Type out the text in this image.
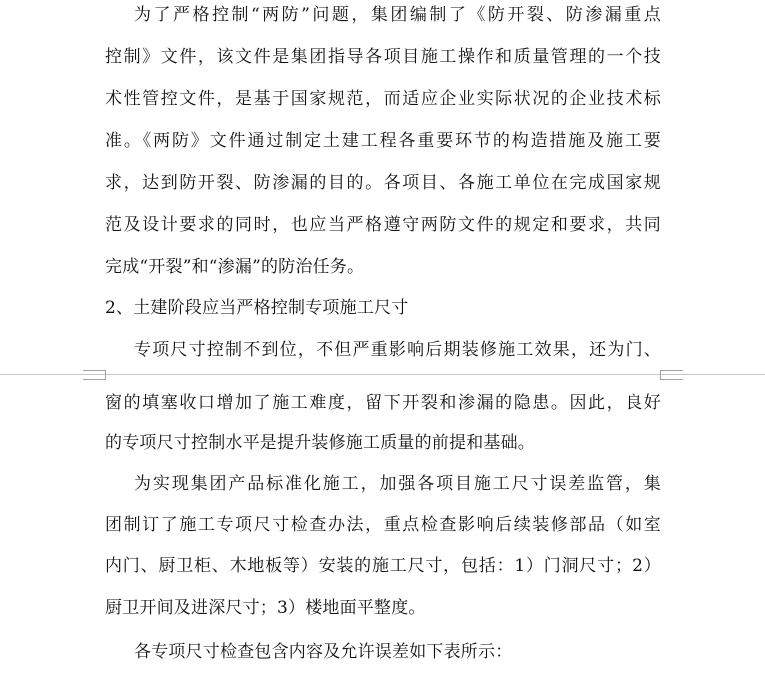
为了严格控制“两防”问题，集团编制了《防开裂、防渗漏重点
控制》文件，该文件是集团指导各项目施工操作和质量管理的一个技
术性管控文件，是基于国家规范，而适应企业实际状况的企业技术标
准。《两防》文件通过制定土建工程各重要环节的构造措施及施工要
求，达到防开裂、防渗漏的目的。各项目、各施工单位在完成国家规
范及设计要求的同时，也应当严格遵守两防文件的规定和要求，共同
完成“开裂”和“渗漏”的防治任务。
2、土建阶段应当严格控制专项施工尺寸
专项尺寸控制不到位，不但严重影响后期装修施工效果，还为门、
窗的填塞收口增加了施工难度，留下开裂和渗漏的隐患。因此，良好
的专项尺寸控制水平是提升装修施工质量的前提和基础。
为实现集团产品标准化施工，加强各项目施工尺寸误差监管，集
团制订了施工专项尺寸检查办法，重点检查影响后续装修部品（如室
内门、厨卫柜、木地板等）安装的施工尺寸，包括：1）门洞尺寸；2）
厨卫开间及进深尺寸；3）楼地面平整度。
各专项尺寸检查包含内容及允许误差如下表所示：
